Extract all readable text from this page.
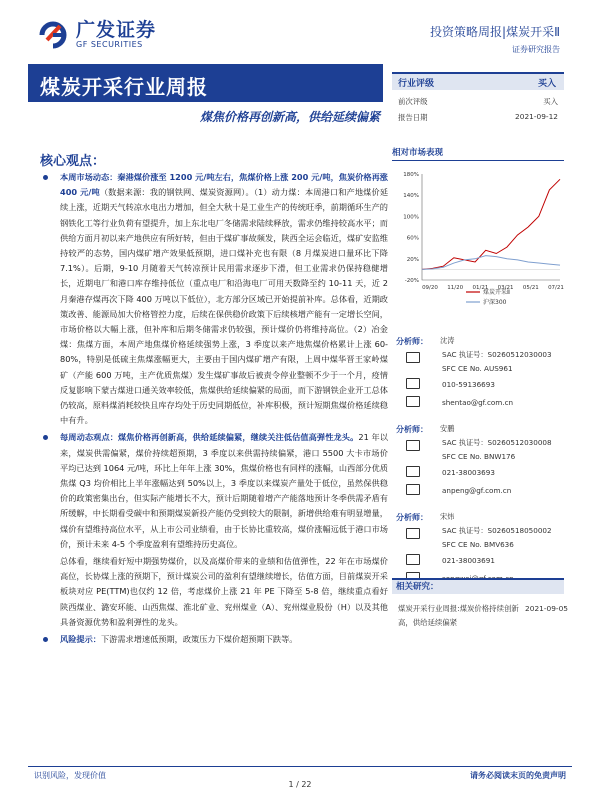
广发证券
GF SECURITIES
投资策略周报|煤炭开采Ⅱ
证券研究报告
煤炭开采行业周报
煤焦价格再创新高，供给延续偏紧
核心观点：
本周市场动态：秦港煤价涨至 1200 元/吨左右，焦煤价格上涨 200 元/吨，焦炭价格再涨 400 元/吨（数据来源：我的钢铁网、煤炭资源网）。（1）动力煤：本周港口和产地煤价延续上涨，近期天气转凉水电出力增加，但全大秋十是工业生产的传统旺季，前期循环生产的钢铁化工等行业负荷有望提升，加上东北电厂冬储需求陆续释放，需求仍维持较高水平；而供给方面月初以来产地供应有所好转，但由于煤矿事故频发，陕西全运会临近，煤矿安监维持较严的态势，国内煤矿增产效果低预期，进口煤补充也有限（8 月煤炭进口量环比下降 7.1%）。后期，9-10 月随着天气转凉预计民用需求逐步下滑，但工业需求仍保持稳健增长，近期电厂和港口库存维持低位（重点电厂和沿海电厂可用天数降至约 10-11 天，近 2 月秦港存煤再次下降 400 万吨以下低位），北方部分区域已开始提前补库。总体看，近期政策改善、能源局加大价格管控力度，后续在保供稳价政策下后续核增产能有一定增长空间，市场价格以大幅上涨，但补库和后期冬储需求仍较强，预计煤价仍将维持高位。（2）冶金煤：焦煤方面，本周产地焦煤价格延续强势上涨，3 季度以来产地焦煤价格累计上涨 60-80%，特别是低硫主焦煤涨幅更大，主要由于国内煤矿增产有限，上周中煤华晋王家岭煤矿（产能 600 万吨，主产优质焦煤）发生煤矿事故后被责令停业整顿不少于一个月，疫情反复影响下蒙古煤进口通关效率较低，焦煤供给延续偏紧的局面，而下游钢铁企业开工总体仍较高，原料煤消耗较快且库存均处于历史同期低位，补库积极，预计短期焦煤价格延续稳中有升。
每周动态观点：煤焦价格再创新高，供给延续偏紧，继续关注低估值高弹性龙头。21 年以来，煤炭供需偏紧，煤价持续超预期，3 季度以来供需持续偏紧，港口 5500 大卡市场价平均已达到 1064 元/吨，环比上年年上涨 30%，焦煤价格也有同样的涨幅，山西部分优质焦煤 Q3 均价相比上半年涨幅达到 50%以上，3 季度以来煤炭产量处于低位，虽然保供稳价的政策密集出台，但实际产能增长不大，预计后期随着增产产能落地预计冬季供需矛盾有所缓解，中长期看受碳中和预期煤炭新投产能仍受到较大的限制，新增供给难有明显增量，煤价有望维持高位水平，从上市公司业绩看，由于长协比重较高，煤价涨幅远低于港口市场价，预计未来 4-5 个季度盈利有望维持历史高位。
总体看，继续看好短中期强势煤价，以及高煤价带来的业绩和估值弹性，22 年在市场煤价高位，长协煤上涨的预期下，预计煤炭公司的盈利有望继续增长，估值方面，目前煤炭开采板块对应 PE(TTM)也仅约 12 倍，考虑煤价上涨 21 年 PE 下降至 5-8 倍，继续重点看好陕西煤业、潞安环能、山西焦煤、淮北矿业、兖州煤业（A）、兖州煤业股份（H）以及其他具备资源优势和盈利弹性的龙头。
风险提示：下游需求增速低预期，政策压力下煤价超预期下跌等。
行业评级	买入
前次评级	买入
报告日期	2021-09-12
相对市场表现
180%
140%
100%
60%
20%
-20%
09/20 11/20 01/21 03/21 05/21 07/21
煤炭开采Ⅱ
沪深300
分析师： 沈涛
SAC 执证号：S0260512030003
SFC CE No. AUS961
010-59136693
shentao@gf.com.cn
分析师： 安鹏
SAC 执证号：S0260512030008
SFC CE No. BNW176
021-38003693
anpeng@gf.com.cn
分析师： 宋炜
SAC 执证号：S0260518050002
SFC CE No. BMV636
021-38003691
相关研究：
煤炭开采行业周报:煤炭价格持续创新高，供给延续偏紧
2021-09-05
识别风险，发现价值	请务必阅读末页的免责声明
1 / 22
